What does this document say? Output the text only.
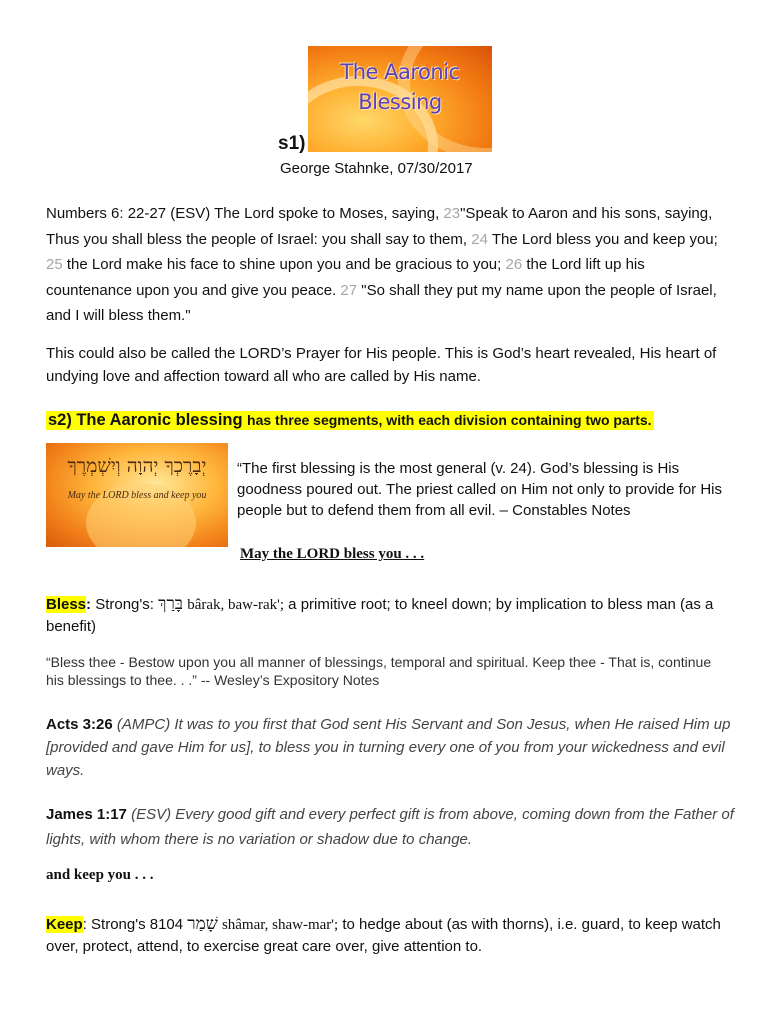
The Aaronic
Blessing
s1)
George Stahnke, 07/30/2017
Numbers 6: 22-27 (ESV) The Lord spoke to Moses, saying, 23"Speak to Aaron and his sons, saying, Thus you shall bless the people of Israel: you shall say to them, 24 The Lord bless you and keep you; 25 the Lord make his face to shine upon you and be gracious to you; 26 the Lord lift up his countenance upon you and give you peace. 27 "So shall they put my name upon the people of Israel, and I will bless them."
This could also be called the LORD’s Prayer for His people. This is God’s heart revealed, His heart of undying love and affection toward all who are called by His name.
s2) The Aaronic blessing has three segments, with each division containing two parts.
יְבָרֶכְךָ יְהוָה וְיִשְׁמְרֶךָ
May the LORD bless and keep you
“The first blessing is the most general (v. 24). God’s blessing is His goodness poured out. The priest called on Him not only to provide for His people but to defend them from all evil. – Constables Notes
May the LORD bless you . . .
Bless: Strong's: בָּרַךְ bârak, baw-rak'; a primitive root; to kneel down; by implication to bless man (as a benefit)
“Bless thee - Bestow upon you all manner of blessings, temporal and spiritual. Keep thee - That is, continue his blessings to thee. . .” -- Wesley’s Expository Notes
Acts 3:26 (AMPC) It was to you first that God sent His Servant and Son Jesus, when He raised Him up [provided and gave Him for us], to bless you in turning every one of you from your wickedness and evil ways.
James 1:17 (ESV) Every good gift and every perfect gift is from above, coming down from the Father of lights, with whom there is no variation or shadow due to change.
and keep you . . .
Keep: Strong's 8104 שָׁמַר shâmar, shaw-mar'; to hedge about (as with thorns), i.e. guard, to keep watch over, protect, attend, to exercise great care over, give attention to.
